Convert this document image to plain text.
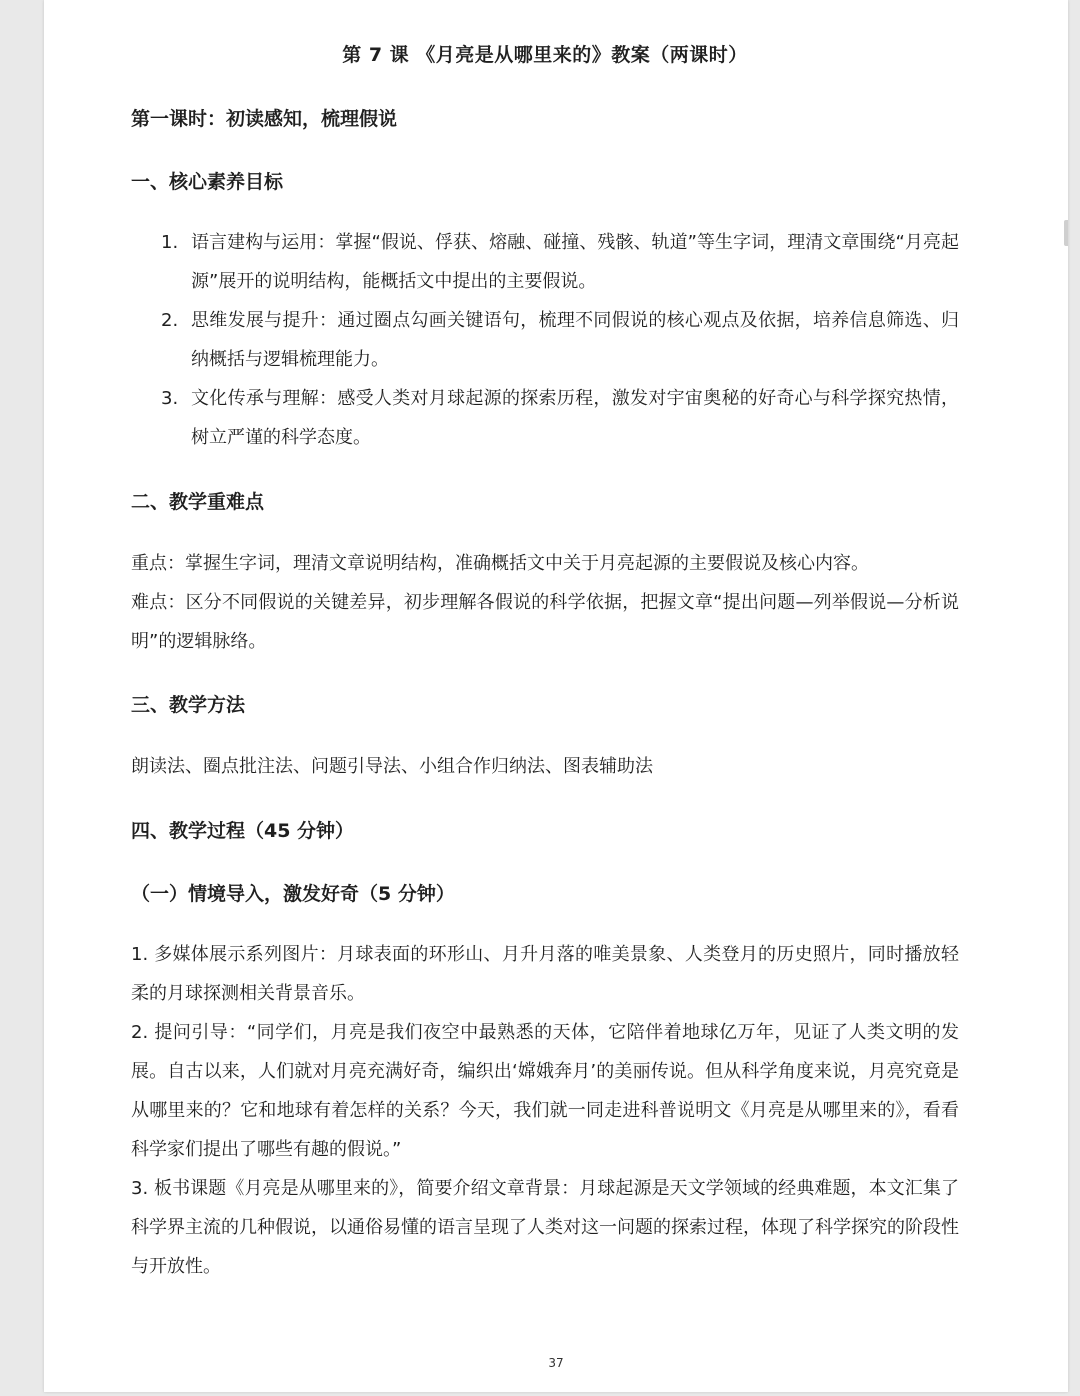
第 7 课 《月亮是从哪里来的》教案（两课时）
第一课时：初读感知，梳理假说
一、核心素养目标
1. 语言建构与运用：掌握“假说、俘获、熔融、碰撞、残骸、轨道”等生字词，理清文章围绕“月亮起源”展开的说明结构，能概括文中提出的主要假说。
2. 思维发展与提升：通过圈点勾画关键语句，梳理不同假说的核心观点及依据，培养信息筛选、归纳概括与逻辑梳理能力。
3. 文化传承与理解：感受人类对月球起源的探索历程，激发对宇宙奥秘的好奇心与科学探究热情，树立严谨的科学态度。
二、教学重难点
重点：掌握生字词，理清文章说明结构，准确概括文中关于月亮起源的主要假说及核心内容。
难点：区分不同假说的关键差异，初步理解各假说的科学依据，把握文章“提出问题—列举假说—分析说明”的逻辑脉络。
三、教学方法
朗读法、圈点批注法、问题引导法、小组合作归纳法、图表辅助法
四、教学过程（45 分钟）
（一）情境导入，激发好奇（5 分钟）
1. 多媒体展示系列图片：月球表面的环形山、月升月落的唯美景象、人类登月的历史照片，同时播放轻柔的月球探测相关背景音乐。
2. 提问引导：“同学们，月亮是我们夜空中最熟悉的天体，它陪伴着地球亿万年，见证了人类文明的发展。自古以来，人们就对月亮充满好奇，编织出‘嫦娥奔月’的美丽传说。但从科学角度来说，月亮究竟是从哪里来的？它和地球有着怎样的关系？今天，我们就一同走进科普说明文《月亮是从哪里来的》，看看科学家们提出了哪些有趣的假说。”
3. 板书课题《月亮是从哪里来的》，简要介绍文章背景：月球起源是天文学领域的经典难题，本文汇集了科学界主流的几种假说，以通俗易懂的语言呈现了人类对这一问题的探索过程，体现了科学探究的阶段性与开放性。
37
